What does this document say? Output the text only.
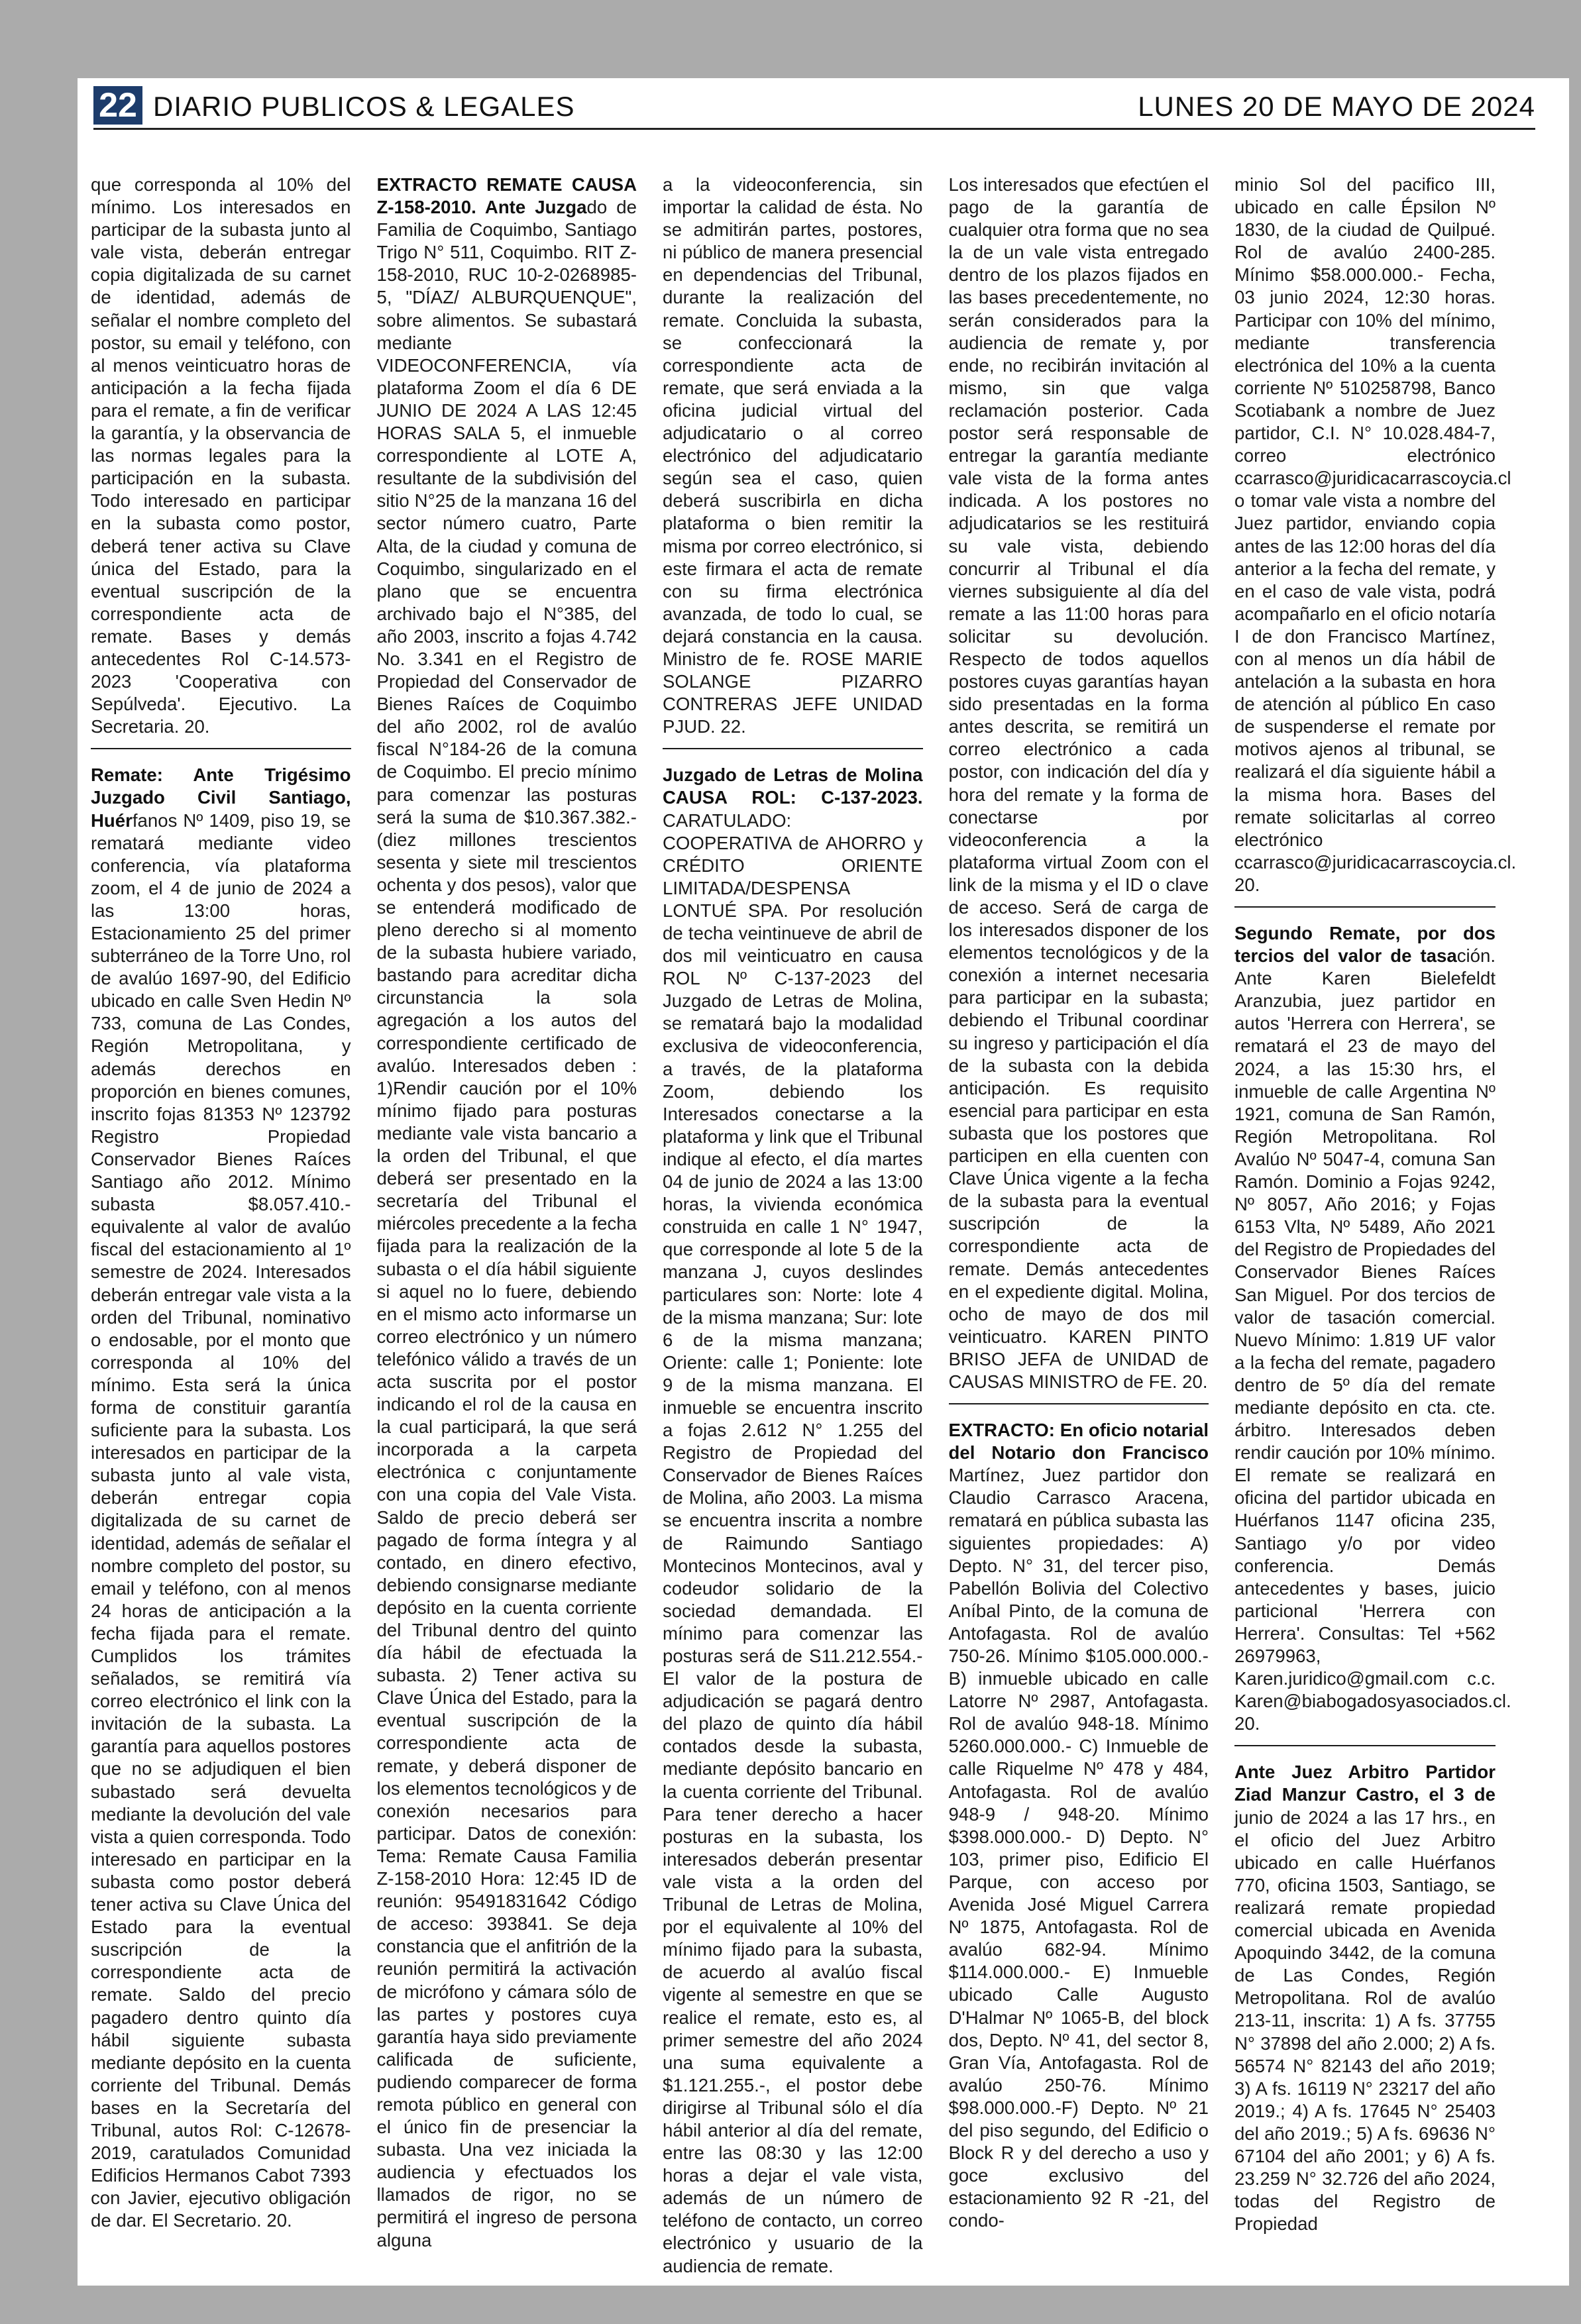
22 DIARIO PUBLICOS & LEGALES	LUNES 20 DE MAYO DE 2024

que corresponda al 10% del mínimo. Los interesados en participar de la subasta junto al vale vista, deberán entregar copia digitalizada de su carnet de identidad, además de señalar el nombre completo del postor, su email y teléfono, con al menos veinticuatro horas de anticipación a la fecha fijada para el remate, a fin de verificar la garantía, y la observancia de las normas legales para la participación en la subasta. Todo interesado en participar en la subasta como postor, deberá tener activa su Clave única del Estado, para la eventual suscripción de la correspondiente acta de remate. Bases y demás antecedentes Rol C-14.573-2023 'Cooperativa con Sepúlveda'. Ejecutivo. La Secretaria. 20.

Remate: Ante Trigésimo Juzgado Civil Santiago, Huérfanos Nº 1409, piso 19, se rematará mediante video conferencia, vía plataforma zoom, el 4 de junio de 2024 a las 13:00 horas, Estacionamiento 25 del primer subterráneo de la Torre Uno, rol de avalúo 1697-90, del Edificio ubicado en calle Sven Hedin Nº 733, comuna de Las Condes, Región Metropolitana, y además derechos en proporción en bienes comunes, inscrito fojas 81353 Nº 123792 Registro Propiedad Conservador Bienes Raíces Santiago año 2012. Mínimo subasta $8.057.410.- equivalente al valor de avalúo fiscal del estacionamiento al 1º semestre de 2024. Interesados deberán entregar vale vista a la orden del Tribunal, nominativo o endosable, por el monto que corresponda al 10% del mínimo. Esta será la única forma de constituir garantía suficiente para la subasta. Los interesados en participar de la subasta junto al vale vista, deberán entregar copia digitalizada de su carnet de identidad, además de señalar el nombre completo del postor, su email y teléfono, con al menos 24 horas de anticipación a la fecha fijada para el remate. Cumplidos los trámites señalados, se remitirá vía correo electrónico el link con la invitación de la subasta. La garantía para aquellos postores que no se adjudiquen el bien subastado será devuelta mediante la devolución del vale vista a quien corresponda. Todo interesado en participar en la subasta como postor deberá tener activa su Clave Única del Estado para la eventual suscripción de la correspondiente acta de remate. Saldo del precio pagadero dentro quinto día hábil siguiente subasta mediante depósito en la cuenta corriente del Tribunal. Demás bases en la Secretaría del Tribunal, autos Rol: C-12678-2019, caratulados Comunidad Edificios Hermanos Cabot 7393 con Javier, ejecutivo obligación de dar. El Secretario. 20.

EXTRACTO REMATE CAUSA Z-158-2010. Ante Juzgado de Familia de Coquimbo, Santiago Trigo N° 511, Coquimbo. RIT Z-158-2010, RUC 10-2-0268985-5, "DÍAZ/ ALBURQUENQUE", sobre alimentos. Se subastará mediante VIDEOCONFERENCIA, vía plataforma Zoom el día 6 DE JUNIO DE 2024 A LAS 12:45 HORAS SALA 5, el inmueble correspondiente al LOTE A, resultante de la subdivisión del sitio N°25 de la manzana 16 del sector número cuatro, Parte Alta, de la ciudad y comuna de Coquimbo, singularizado en el plano que se encuentra archivado bajo el N°385, del año 2003, inscrito a fojas 4.742 No. 3.341 en el Registro de Propiedad del Conservador de Bienes Raíces de Coquimbo del año 2002, rol de avalúo fiscal N°184-26 de la comuna de Coquimbo. El precio mínimo para comenzar las posturas será la suma de $10.367.382.- (diez millones trescientos sesenta y siete mil trescientos ochenta y dos pesos), valor que se entenderá modificado de pleno derecho si al momento de la subasta hubiere variado, bastando para acreditar dicha circunstancia la sola agregación a los autos del correspondiente certificado de avalúo. Interesados deben : 1)Rendir caución por el 10% mínimo fijado para posturas mediante vale vista bancario a la orden del Tribunal, el que deberá ser presentado en la secretaría del Tribunal el miércoles precedente a la fecha fijada para la realización de la subasta o el día hábil siguiente si aquel no lo fuere, debiendo en el mismo acto informarse un correo electrónico y un número telefónico válido a través de un acta suscrita por el postor indicando el rol de la causa en la cual participará, la que será incorporada a la carpeta electrónica c conjuntamente con una copia del Vale Vista. Saldo de precio deberá ser pagado de forma íntegra y al contado, en dinero efectivo, debiendo consignarse mediante depósito en la cuenta corriente del Tribunal dentro del quinto día hábil de efectuada la subasta. 2) Tener activa su Clave Única del Estado, para la eventual suscripción de la correspondiente acta de remate, y deberá disponer de los elementos tecnológicos y de conexión necesarios para participar. Datos de conexión: Tema: Remate Causa Familia Z-158-2010 Hora: 12:45 ID de reunión: 95491831642 Código de acceso: 393841. Se deja constancia que el anfitrión de la reunión permitirá la activación de micrófono y cámara sólo de las partes y postores cuya garantía haya sido previamente calificada de suficiente, pudiendo comparecer de forma remota público en general con el único fin de presenciar la subasta. Una vez iniciada la audiencia y efectuados los llamados de rigor, no se permitirá el ingreso de persona alguna

a la videoconferencia, sin importar la calidad de ésta. No se admitirán partes, postores, ni público de manera presencial en dependencias del Tribunal, durante la realización del remate. Concluida la subasta, se confeccionará la correspondiente acta de remate, que será enviada a la oficina judicial virtual del adjudicatario o al correo electrónico del adjudicatario según sea el caso, quien deberá suscribirla en dicha plataforma o bien remitir la misma por correo electrónico, si este firmara el acta de remate con su firma electrónica avanzada, de todo lo cual, se dejará constancia en la causa. Ministro de fe. ROSE MARIE SOLANGE PIZARRO CONTRERAS JEFE UNIDAD PJUD. 22.

Juzgado de Letras de Molina CAUSA ROL: C-137-2023. CARATULADO: COOPERATIVA de AHORRO y CRÉDITO ORIENTE LIMITADA/DESPENSA LONTUÉ SPA. Por resolución de techa veintinueve de abril de dos mil veinticuatro en causa ROL Nº C-137-2023 del Juzgado de Letras de Molina, se rematará bajo la modalidad exclusiva de videoconferencia, a través, de la plataforma Zoom, debiendo los Interesados conectarse a la plataforma y link que el Tribunal indique al efecto, el día martes 04 de junio de 2024 a las 13:00 horas, la vivienda económica construida en calle 1 N° 1947, que corresponde al lote 5 de la manzana J, cuyos deslindes particulares son: Norte: lote 4 de la misma manzana; Sur: lote 6 de la misma manzana; Oriente: calle 1; Poniente: lote 9 de la misma manzana. El inmueble se encuentra inscrito a fojas 2.612 N° 1.255 del Registro de Propiedad del Conservador de Bienes Raíces de Molina, año 2003. La misma se encuentra inscrita a nombre de Raimundo Santiago Montecinos Montecinos, aval y codeudor solidario de la sociedad demandada. El mínimo para comenzar las posturas será de S11.212.554.- El valor de la postura de adjudicación se pagará dentro del plazo de quinto día hábil contados desde la subasta, mediante depósito bancario en la cuenta corriente del Tribunal. Para tener derecho a hacer posturas en la subasta, los interesados deberán presentar vale vista a la orden del Tribunal de Letras de Molina, por el equivalente al 10% del mínimo fijado para la subasta, de acuerdo al avalúo fiscal vigente al semestre en que se realice el remate, esto es, al primer semestre del año 2024 una suma equivalente a $1.121.255.-, el postor debe dirigirse al Tribunal sólo el día hábil anterior al día del remate, entre las 08:30 y las 12:00 horas a dejar el vale vista, además de un número de teléfono de contacto, un correo electrónico y usuario de la audiencia de remate.

Los interesados que efectúen el pago de la garantía de cualquier otra forma que no sea la de un vale vista entregado dentro de los plazos fijados en las bases precedentemente, no serán considerados para la audiencia de remate y, por ende, no recibirán invitación al mismo, sin que valga reclamación posterior. Cada postor será responsable de entregar la garantía mediante vale vista de la forma antes indicada. A los postores no adjudicatarios se les restituirá su vale vista, debiendo concurrir al Tribunal el día viernes subsiguiente al día del remate a las 11:00 horas para solicitar su devolución. Respecto de todos aquellos postores cuyas garantías hayan sido presentadas en la forma antes descrita, se remitirá un correo electrónico a cada postor, con indicación del día y hora del remate y la forma de conectarse por videoconferencia a la plataforma virtual Zoom con el link de la misma y el ID o clave de acceso. Será de carga de los interesados disponer de los elementos tecnológicos y de la conexión a internet necesaria para participar en la subasta; debiendo el Tribunal coordinar su ingreso y participación el día de la subasta con la debida anticipación. Es requisito esencial para participar en esta subasta que los postores que participen en ella cuenten con Clave Única vigente a la fecha de la subasta para la eventual suscripción de la correspondiente acta de remate. Demás antecedentes en el expediente digital. Molina, ocho de mayo de dos mil veinticuatro. KAREN PINTO BRISO JEFA de UNIDAD de CAUSAS MINISTRO de FE. 20.

EXTRACTO: En oficio notarial del Notario don Francisco Martínez, Juez partidor don Claudio Carrasco Aracena, rematará en pública subasta las siguientes propiedades: A) Depto. N° 31, del tercer piso, Pabellón Bolivia del Colectivo Aníbal Pinto, de la comuna de Antofagasta. Rol de avalúo 750-26. Mínimo $105.000.000.- B) inmueble ubicado en calle Latorre Nº 2987, Antofagasta. Rol de avalúo 948-18. Mínimo 5260.000.000.- C) Inmueble de calle Riquelme Nº 478 y 484, Antofagasta. Rol de avalúo 948-9 / 948-20. Mínimo $398.000.000.- D) Depto. N° 103, primer piso, Edificio El Parque, con acceso por Avenida José Miguel Carrera Nº 1875, Antofagasta. Rol de avalúo 682-94. Mínimo $114.000.000.- E) Inmueble ubicado Calle Augusto D'Halmar Nº 1065-B, del block dos, Depto. Nº 41, del sector 8, Gran Vía, Antofagasta. Rol de avalúo 250-76. Mínimo $98.000.000.-F) Depto. Nº 21 del piso segundo, del Edificio o Block R y del derecho a uso y goce exclusivo del estacionamiento 92 R -21, del condo-

minio Sol del pacifico III, ubicado en calle Épsilon Nº 1830, de la ciudad de Quilpué. Rol de avalúo 2400-285. Mínimo $58.000.000.- Fecha, 03 junio 2024, 12:30 horas. Participar con 10% del mínimo, mediante transferencia electrónica del 10% a la cuenta corriente Nº 510258798, Banco Scotiabank a nombre de Juez partidor, C.I. N° 10.028.484-7, correo electrónico ccarrasco@juridicacarrascoycia.cl o tomar vale vista a nombre del Juez partidor, enviando copia antes de las 12:00 horas del día anterior a la fecha del remate, y en el caso de vale vista, podrá acompañarlo en el oficio notaría I de don Francisco Martínez, con al menos un día hábil de antelación a la subasta en hora de atención al público En caso de suspenderse el remate por motivos ajenos al tribunal, se realizará el día siguiente hábil a la misma hora. Bases del remate solicitarlas al correo electrónico ccarrasco@juridicacarrascoycia.cl. 20.

Segundo Remate, por dos tercios del valor de tasación. Ante Karen Bielefeldt Aranzubia, juez partidor en autos 'Herrera con Herrera', se rematará el 23 de mayo del 2024, a las 15:30 hrs, el inmueble de calle Argentina Nº 1921, comuna de San Ramón, Región Metropolitana. Rol Avalúo Nº 5047-4, comuna San Ramón. Dominio a Fojas 9242, Nº 8057, Año 2016; y Fojas 6153 Vlta, Nº 5489, Año 2021 del Registro de Propiedades del Conservador Bienes Raíces San Miguel. Por dos tercios de valor de tasación comercial. Nuevo Mínimo: 1.819 UF valor a la fecha del remate, pagadero dentro de 5º día del remate mediante depósito en cta. cte. árbitro. Interesados deben rendir caución por 10% mínimo. El remate se realizará en oficina del partidor ubicada en Huérfanos 1147 oficina 235, Santiago y/o por video conferencia. Demás antecedentes y bases, juicio particional 'Herrera con Herrera'. Consultas: Tel +562 26979963, Karen.juridico@gmail.com c.c. Karen@biabogadosyasociados.cl. 20.

Ante Juez Arbitro Partidor Ziad Manzur Castro, el 3 de junio de 2024 a las 17 hrs., en el oficio del Juez Arbitro ubicado en calle Huérfanos 770, oficina 1503, Santiago, se realizará remate propiedad comercial ubicada en Avenida Apoquindo 3442, de la comuna de Las Condes, Región Metropolitana. Rol de avalúo 213-11, inscrita: 1) A fs. 37755 N° 37898 del año 2.000; 2) A fs. 56574 N° 82143 del año 2019; 3) A fs. 16119 N° 23217 del año 2019.; 4) A fs. 17645 N° 25403 del año 2019.; 5) A fs. 69636 N° 67104 del año 2001; y 6) A fs. 23.259 N° 32.726 del año 2024, todas del Registro de Propiedad
